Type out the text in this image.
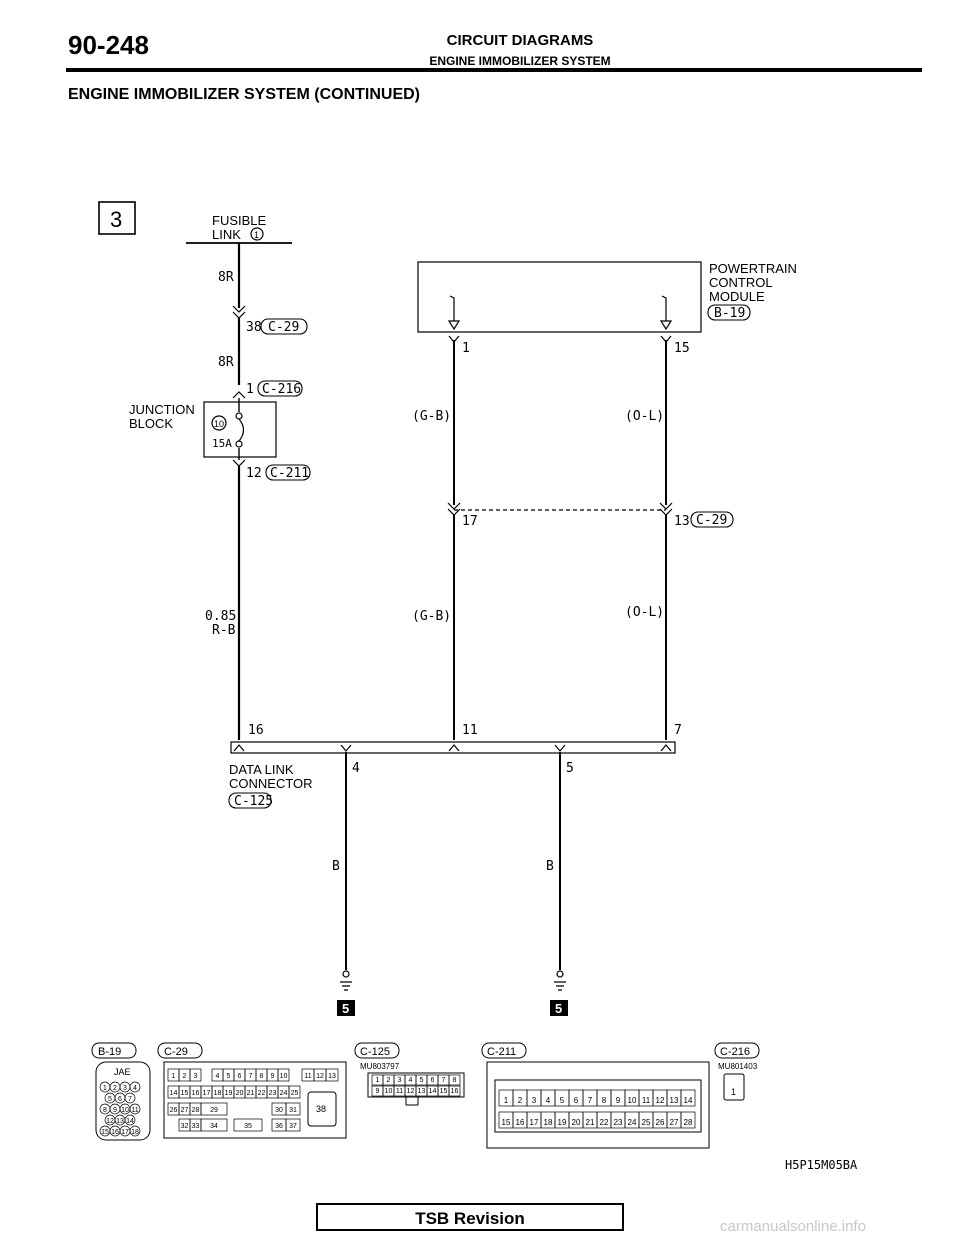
90-248	CIRCUIT DIAGRAMS
ENGINE IMMOBILIZER SYSTEM
ENGINE IMMOBILIZER SYSTEM (CONTINUED)
3	FUSIBLE
LINK 1
8R
38 C-29
8R
1 C-216
JUNCTION
BLOCK	10
15A
12 C-211
0.85
R-B
POWERTRAIN
CONTROL
MODULE
B-19
1	15
(G-B)	(O-L)
17	13 C-29
(G-B)	(O-L)
16	11	7
4	5
DATA LINK
CONNECTOR
C-125
B	B
5	5
B-19	C-29	C-125	C-211	C-216
JAE
MU803797	MU801403
1
38
1 2 3 4
5 6 7
8 9 10 11
12 13 14
15 16 17 18
1 2 3	4 5 6 7 8 9 10 11 12 13
14 15 16 17 18 19 20 21 22 23 24 25
26 27 28 29	30 31
32 33 34	35	36 37
1 2 3 4 5 6 7 8
9 10 11 12 13 14 15 16
1 2 3 4 5 6 7 8 9 10 11 12 13 14
15 16 17 18 19 20 21 22 23 24 25 26 27 28
H5P15M05BA
TSB Revision	carmanualsonline.info
